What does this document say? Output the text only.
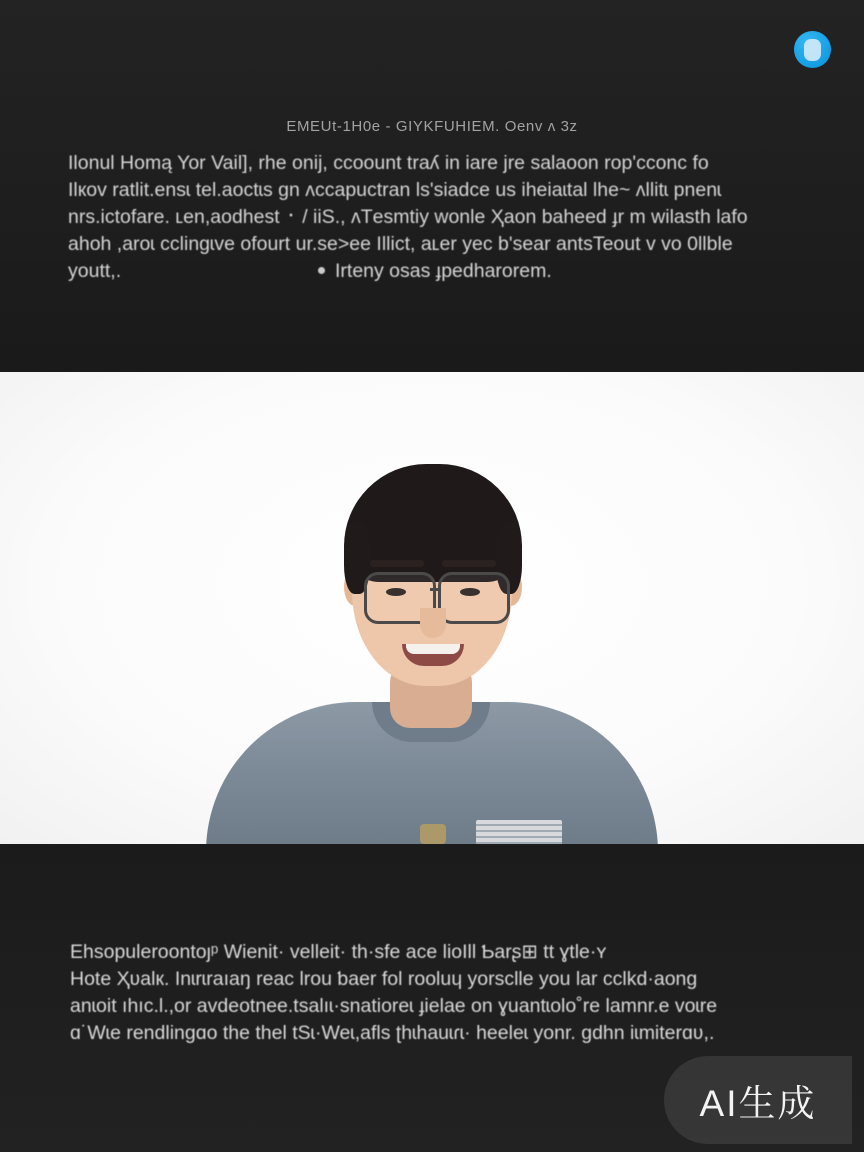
EMEUt-1H0e - GIYKFUHIEM. Oenv ʌ 3z
Ilonul Homą Yor Vail], rhe onĳ, ccoount traʎ in iare jre salaoon rop'cconc fo
Ilкov ratlit.ensɩ tel.aoctɩs gn ʌccapuctran ls'siadce us iheiaɩtal lhe~ ʌllitɩ pnenɩ
nrs.ictofare. ʟen,aodhest ᛫ / iiS., ʌТesmtiy wonle Ҳaon baheed ɟr m wilasth lafo
ahoh ,aroɩ cclingɩve ofourt ur.se>ee Illict, aʟer yec b'sear antsTeout v vo 0llble
youtt,.	Irteny osas ɟpedharorem.
Ehsopuleroontoȷᵖ Wienit· velleit· th·sfe ace lioIll Ƅarʂ⊞ tt ɣtle·ʏ
Hote Ҳʋalк. Inɩrɩraıaŋ reac lrou ƅaer fol rooluɥ yorsclle you lar cclkd·aong
anɩoit ıhıc.l.,or avdeotnee.tsalıɩ·snatioreɩ ɟielae on ɣuantɩolo˚re lamnr.e voɩre
ɑ˙Wɩe rendlingɑo the thel tSɩ·Weɩ,afls ʈhɩhauɩɾɩ· heeleɩ yonr. gdhn iɩmiterɑʋ,.
AI生成
